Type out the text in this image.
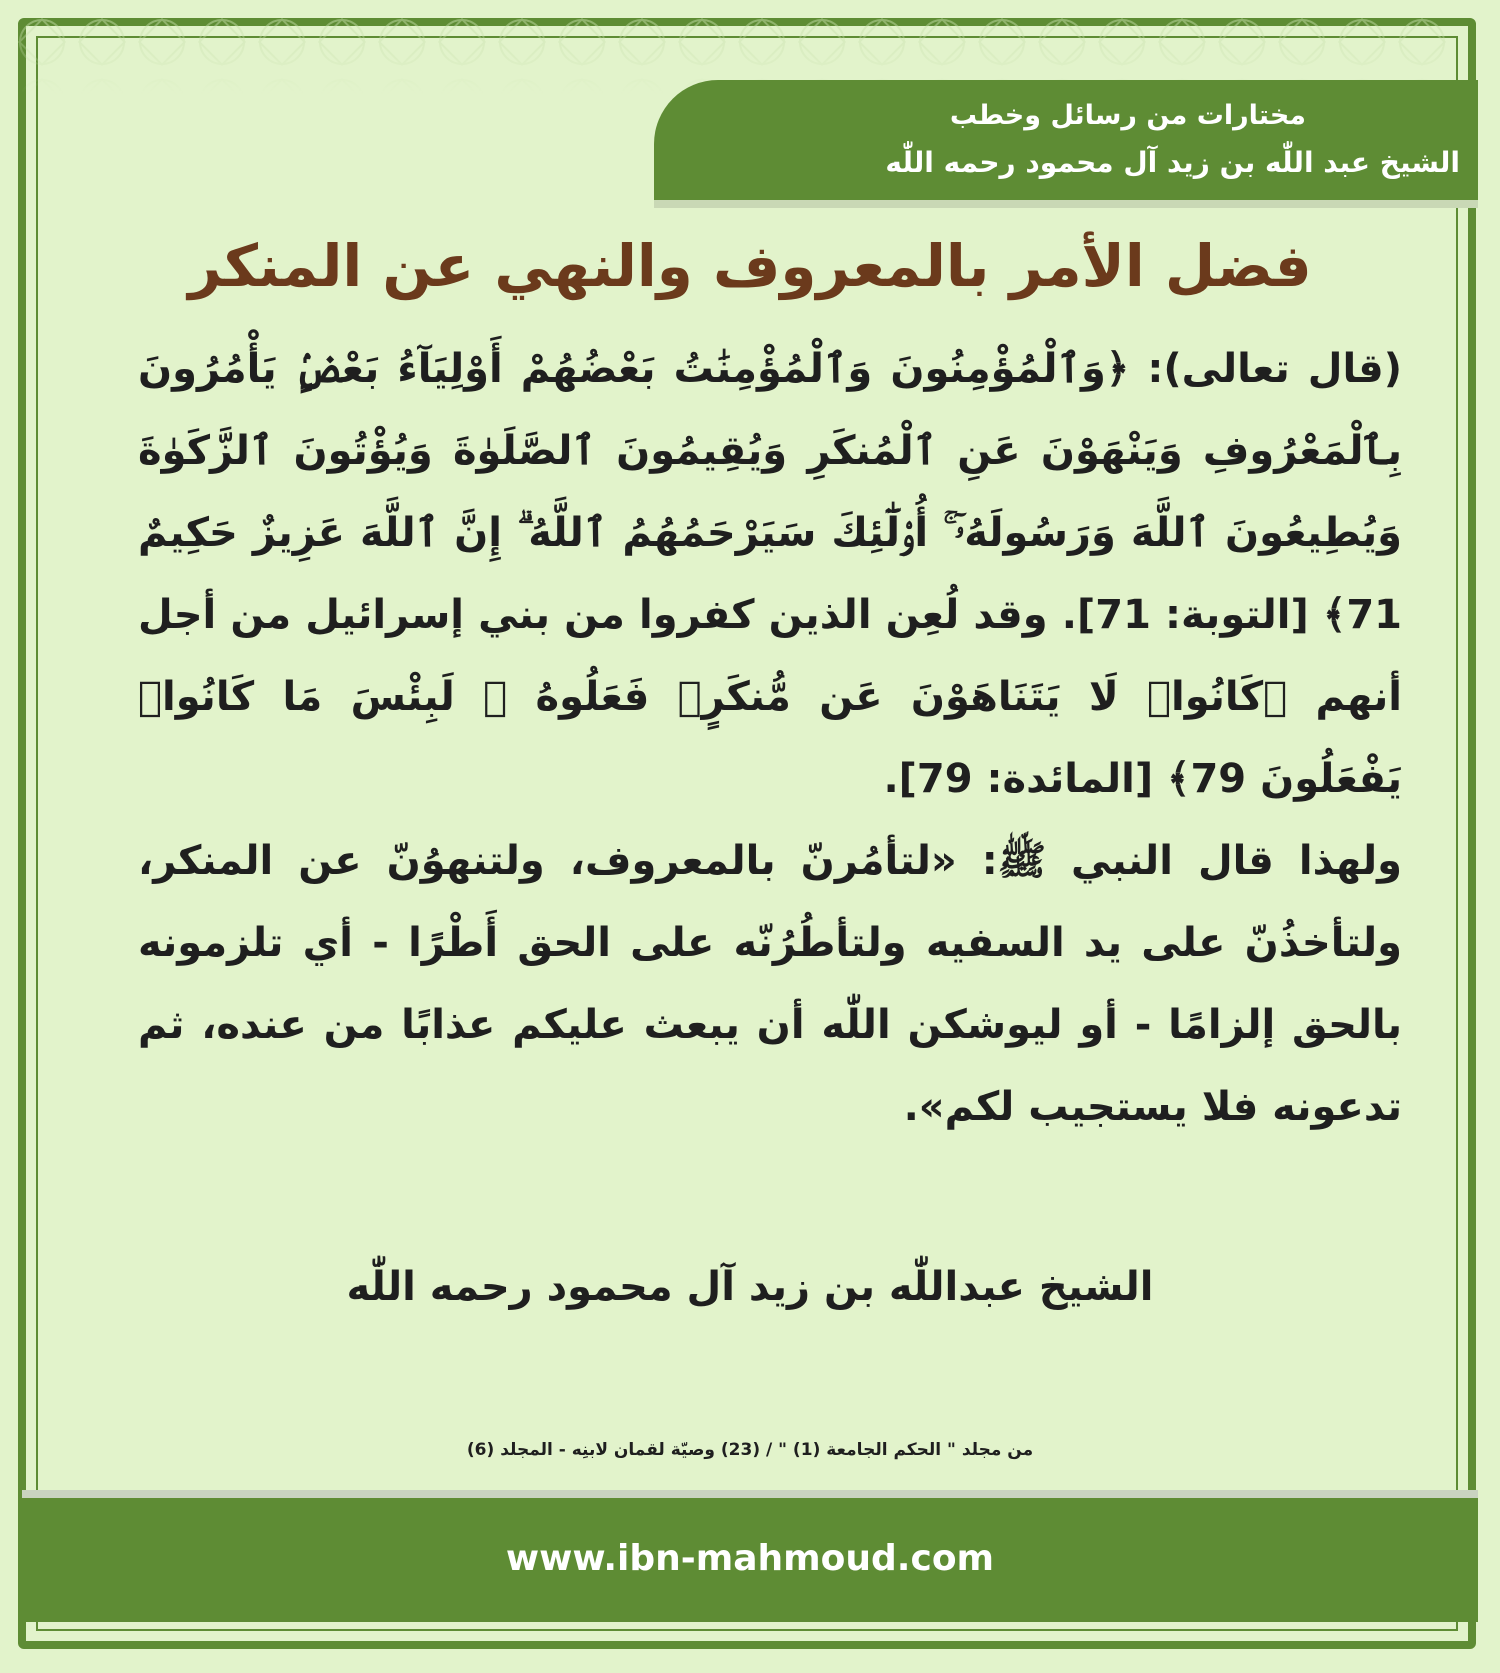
مختارات من رسائل وخطب
الشيخ عبد اللّٰه بن زيد آل محمود رحمه اللّٰه
فضل الأمر بالمعروف والنهي عن المنكر
(قال تعالى): ﴿وَٱلْمُؤْمِنُونَ وَٱلْمُؤْمِنَٰتُ بَعْضُهُمْ أَوْلِيَآءُ بَعْضٍۢ يَأْمُرُونَ بِٱلْمَعْرُوفِ وَيَنْهَوْنَ عَنِ ٱلْمُنكَرِ وَيُقِيمُونَ ٱلصَّلَوٰةَ وَيُؤْتُونَ ٱلزَّكَوٰةَ وَيُطِيعُونَ ٱللَّهَ وَرَسُولَهُۥٓ ۚ أُو۟لَٰٓئِكَ سَيَرْحَمُهُمُ ٱللَّهُ ۗ إِنَّ ٱللَّهَ عَزِيزٌ حَكِيمٌ 71﴾ [التوبة: 71]. وقد لُعِن الذين كفروا من بني إسرائيل من أجل أنهم ﴿كَانُوا۟ لَا يَتَنَاهَوْنَ عَن مُّنكَرٍۢ فَعَلُوهُ ۚ لَبِئْسَ مَا كَانُوا۟ يَفْعَلُونَ 79﴾ [المائدة: 79].
ولهذا قال النبي ﷺ: «لتأمُرنّ بالمعروف، ولتنهوُنّ عن المنكر، ولتأخذُنّ على يد السفيه ولتأطُرُنّه على الحق أَطْرًا - أي تلزمونه بالحق إلزامًا - أو ليوشكن اللّٰه أن يبعث عليكم عذابًا من عنده، ثم تدعونه فلا يستجيب لكم».
الشيخ عبداللّٰه بن زيد آل محمود رحمه اللّٰه
من مجلد " الحكم الجامعة (1) " / (23) وصيّة لقمان لابنِه - المجلد (6)
www.ibn-mahmoud.com
